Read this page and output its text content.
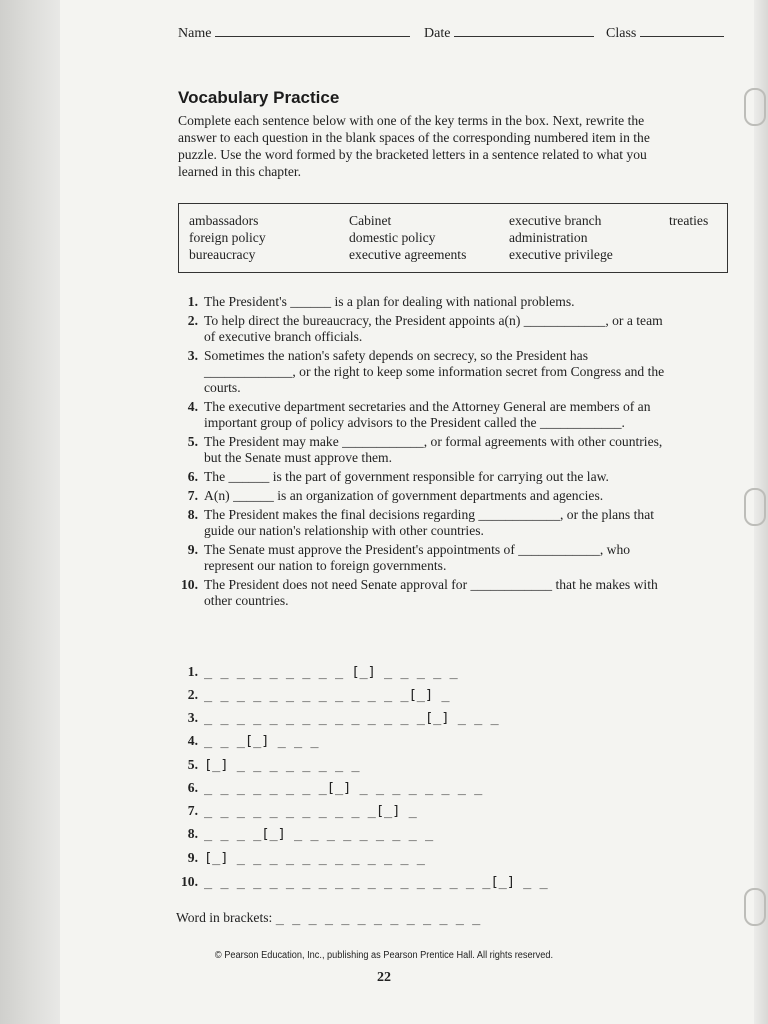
Name	Date	Class
Vocabulary Practice
Complete each sentence below with one of the key terms in the box. Next, rewrite the answer to each question in the blank spaces of the corresponding numbered item in the puzzle. Use the word formed by the bracketed letters in a sentence related to what you learned in this chapter.
ambassadors
foreign policy
bureaucracy
Cabinet
domestic policy
executive agreements
executive branch
administration
executive privilege
treaties
1. The President's ______ is a plan for dealing with national problems.
2. To help direct the bureaucracy, the President appoints a(n) ____________, or a team of executive branch officials.
3. Sometimes the nation's safety depends on secrecy, so the President has _____________, or the right to keep some information secret from Congress and the courts.
4. The executive department secretaries and the Attorney General are members of an important group of policy advisors to the President called the ____________.
5. The President may make ____________, or formal agreements with other countries, but the Senate must approve them.
6. The ______ is the part of government responsible for carrying out the law.
7. A(n) ______ is an organization of government departments and agencies.
8. The President makes the final decisions regarding ____________, or the plans that guide our nation's relationship with other countries.
9. The Senate must approve the President's appointments of ____________, who represent our nation to foreign governments.
10. The President does not need Senate approval for ____________ that he makes with other countries.
1. _ _ _ _ _ _ _ _ _ [_] _ _ _ _ _
2. _ _ _ _ _ _ _ _ _ _ _ _ _[_] _
3. _ _ _ _ _ _ _ _ _ _ _ _ _ _[_] _ _ _
4. _ _ _[_] _ _ _
5. [_] _ _ _ _ _ _ _ _
6. _ _ _ _ _ _ _ _[_] _ _ _ _ _ _ _ _
7. _ _ _ _ _ _ _ _ _ _ _[_] _
8. _ _ _ _[_] _ _ _ _ _ _ _ _ _
9. [_] _ _ _ _ _ _ _ _ _ _ _ _
10. _ _ _ _ _ _ _ _ _ _ _ _ _ _ _ _ _ _[_] _ _
Word in brackets: _ _ _ _ _ _ _ _ _ _ _ _ _
© Pearson Education, Inc., publishing as Pearson Prentice Hall. All rights reserved.
22
